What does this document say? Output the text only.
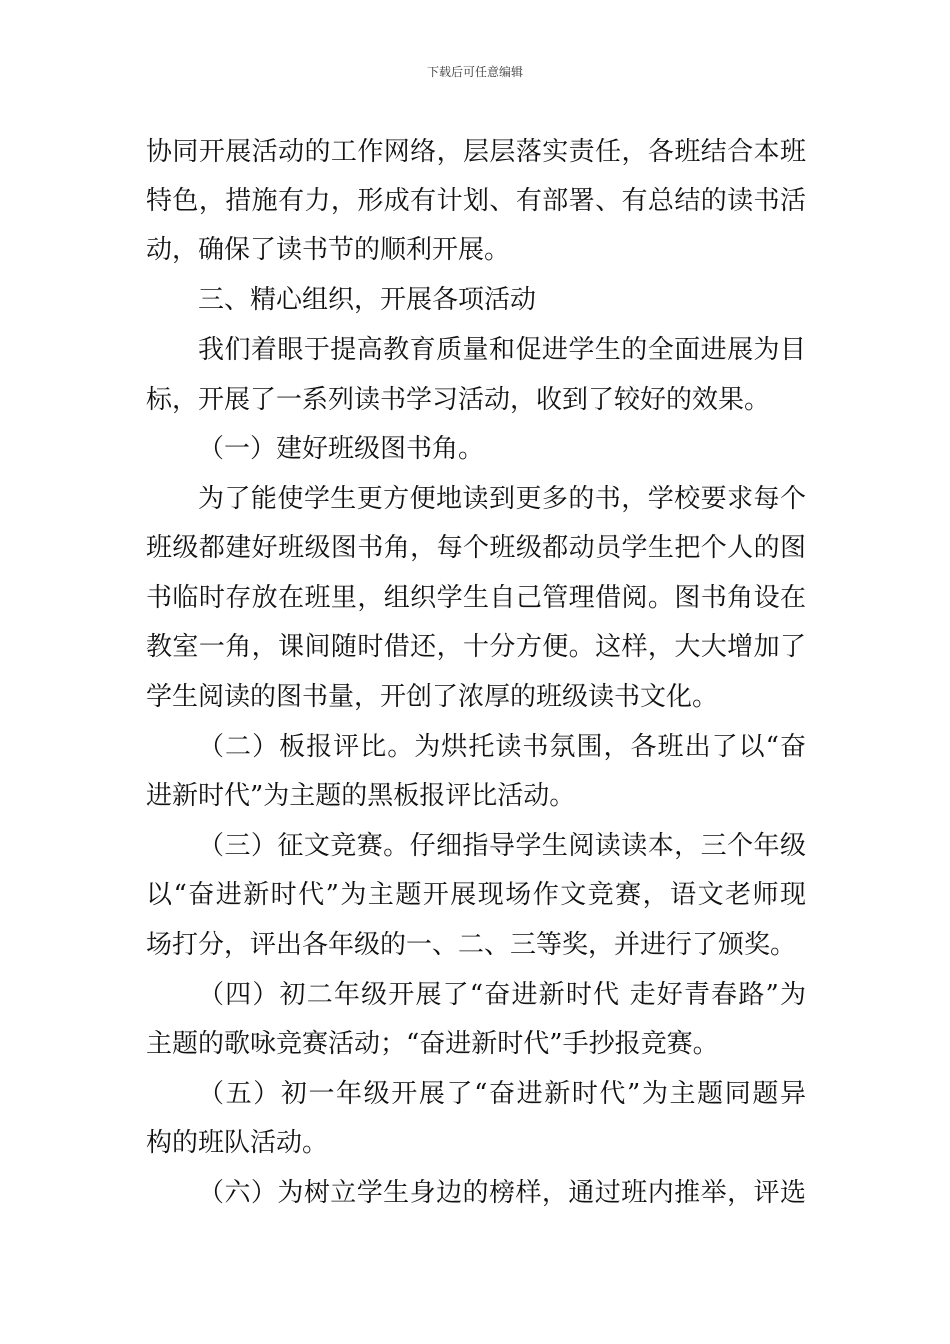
下载后可任意编辑
协同开展活动的工作网络，层层落实责任，各班结合本班
特色，措施有力，形成有计划、有部署、有总结的读书活
动，确保了读书节的顺利开展。
三、精心组织，开展各项活动
我们着眼于提高教育质量和促进学生的全面进展为目
标，开展了一系列读书学习活动，收到了较好的效果。
（一）建好班级图书角。
为了能使学生更方便地读到更多的书，学校要求每个
班级都建好班级图书角，每个班级都动员学生把个人的图
书临时存放在班里，组织学生自己管理借阅。图书角设在
教室一角，课间随时借还，十分方便。这样，大大增加了
学生阅读的图书量，开创了浓厚的班级读书文化。
（二）板报评比。为烘托读书氛围，各班出了以“奋
进新时代”为主题的黑板报评比活动。
（三）征文竞赛。仔细指导学生阅读读本，三个年级
以“奋进新时代”为主题开展现场作文竞赛，语文老师现
场打分，评出各年级的一、二、三等奖，并进行了颁奖。
（四）初二年级开展了“奋进新时代 走好青春路”为
主题的歌咏竞赛活动；“奋进新时代”手抄报竞赛。
（五）初一年级开展了“奋进新时代”为主题同题异
构的班队活动。
（六）为树立学生身边的榜样，通过班内推举，评选
